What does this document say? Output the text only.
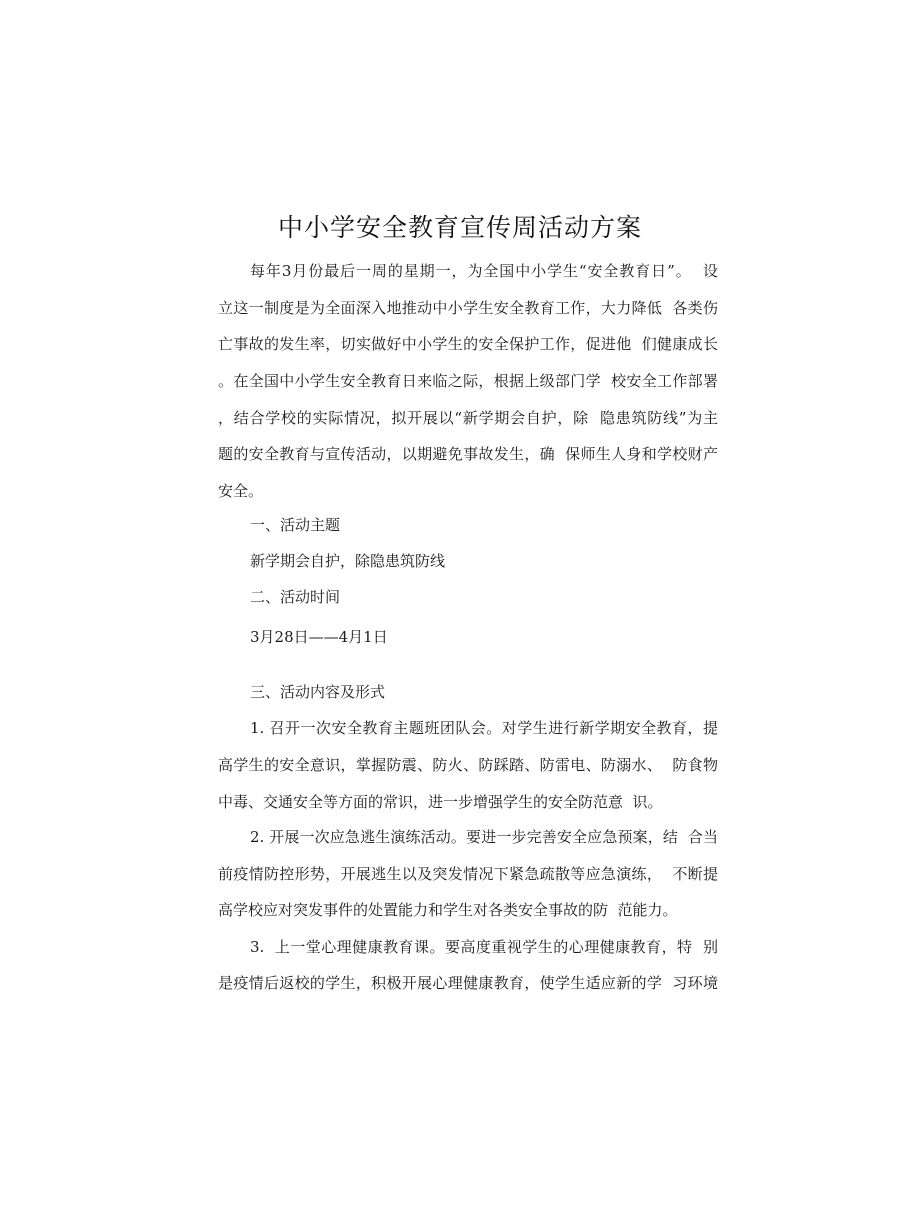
中小学安全教育宣传周活动方案
每年3月份最后一周的星期一，为全国中小学生“安全教育日”。  设
立这一制度是为全面深入地推动中小学生安全教育工作，大力降低  各类伤
亡事故的发生率，切实做好中小学生的安全保护工作，促进他  们健康成长
。在全国中小学生安全教育日来临之际，根据上级部门学  校安全工作部署
，结合学校的实际情况，拟开展以“新学期会自护，除  隐患筑防线”为主
题的安全教育与宣传活动，以期避免事故发生，确  保师生人身和学校财产
安全。
一、活动主题
新学期会自护，除隐患筑防线
二、活动时间
3月28日——4月1日
三、活动内容及形式
1. 召开一次安全教育主题班团队会。对学生进行新学期安全教育，提
高学生的安全意识，掌握防震、防火、防踩踏、防雷电、防溺水、  防食物
中毒、交通安全等方面的常识，进一步增强学生的安全防范意  识。
2. 开展一次应急逃生演练活动。要进一步完善安全应急预案，结  合当
前疫情防控形势，开展逃生以及突发情况下紧急疏散等应急演练，  不断提
高学校应对突发事件的处置能力和学生对各类安全事故的防  范能力。
3.  上一堂心理健康教育课。要高度重视学生的心理健康教育，特  别
是疫情后返校的学生，积极开展心理健康教育，使学生适应新的学  习环境
